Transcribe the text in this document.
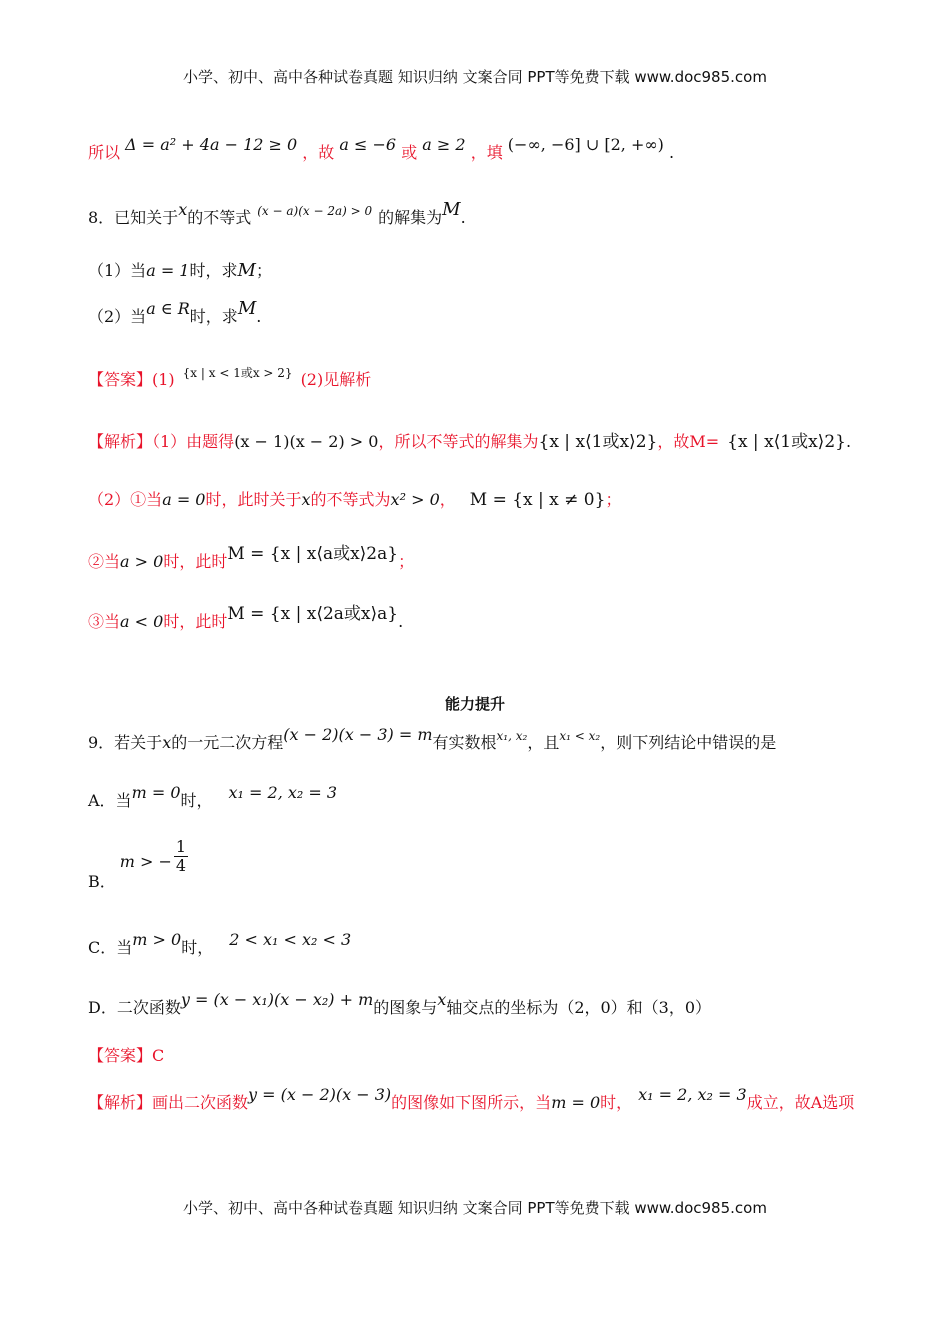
小学、初中、高中各种试卷真题 知识归纳 文案合同 PPT等免费下载 www.doc985.com
所以 Δ = a² + 4a − 12 ≥ 0 ，故 a ≤ −6 或 a ≥ 2 ，填 (−∞, −6] ∪ [2, +∞) .
8．已知关于x的不等式 $^{(x - a)(x - 2a) > 0}$ 的解集为M.
（1）当a = 1时，求M；
（2）当a ∈ R时，求M.
【答案】(1) $^{\{x | x < 1或x > 2\}}$ (2)见解析
【解析】（1）由题得(x − 1)(x − 2) > 0，所以不等式的解集为{x | x⟨1或x⟩2}，故M= {x | x⟨1或x⟩2}.
（2）①当a = 0时，此时关于x的不等式为x² > 0， M = {x | x ≠ 0}；
②当a > 0时，此时M = {x | x⟨a或x⟩2a}；
③当a < 0时，此时M = {x | x⟨2a或x⟩a}.
能力提升
9．若关于x的一元二次方程(x − 2)(x − 3) = m有实数根$^{x_1, x_2}$，且$^{x_1 < x_2}$，则下列结论中错误的是
A．当m = 0时， x₁ = 2, x₂ = 3
B．m > − $\frac{1}{4}$
C．当m > 0时， 2 < x₁ < x₂ < 3
D．二次函数y = (x − x₁)(x − x₂) + m的图象与x轴交点的坐标为（2，0）和（3，0）
【答案】C
【解析】画出二次函数y = (x − 2)(x − 3)的图像如下图所示，当m = 0时， x₁ = 2, x₂ = 3成立，故A选项
小学、初中、高中各种试卷真题 知识归纳 文案合同 PPT等免费下载 www.doc985.com
